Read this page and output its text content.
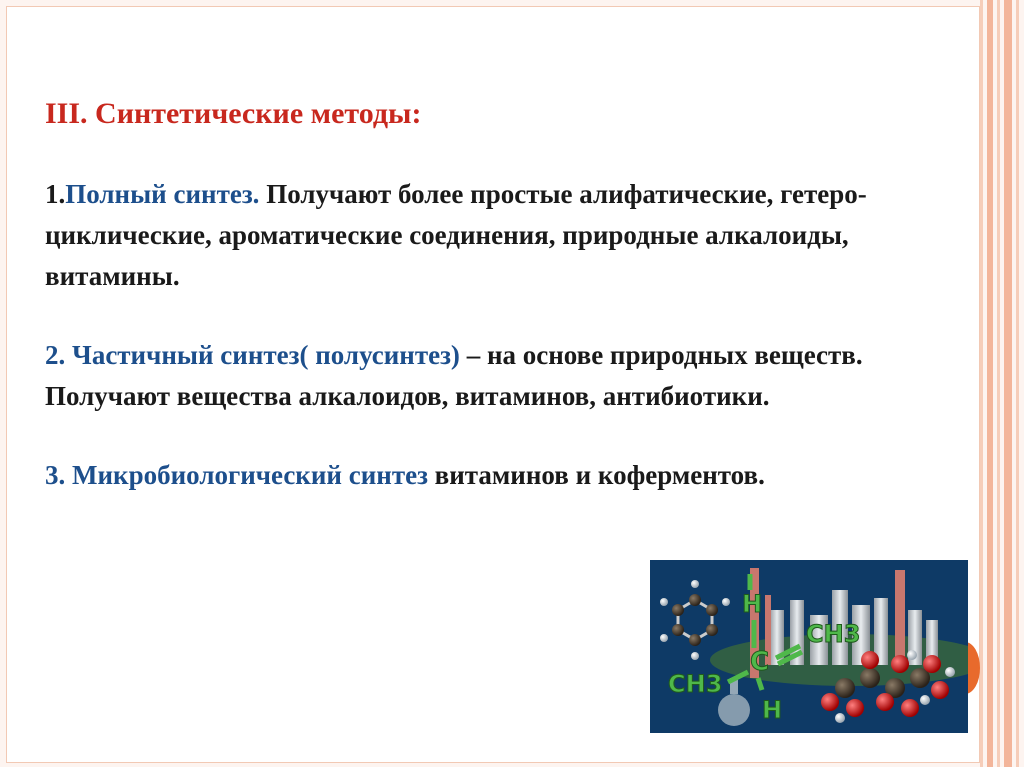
III. Синтетические методы:
1.Полный синтез. Получают более простые алифатические, гетеро-циклические, ароматические соединения, природные алкалоиды, витамины.
2. Частичный синтез( полусинтез) – на основе природных веществ. Получают вещества алкалоидов, витаминов, антибиотики.
3. Микробиологический синтез витаминов и коферментов.
CH3
C
H
CH3
H
